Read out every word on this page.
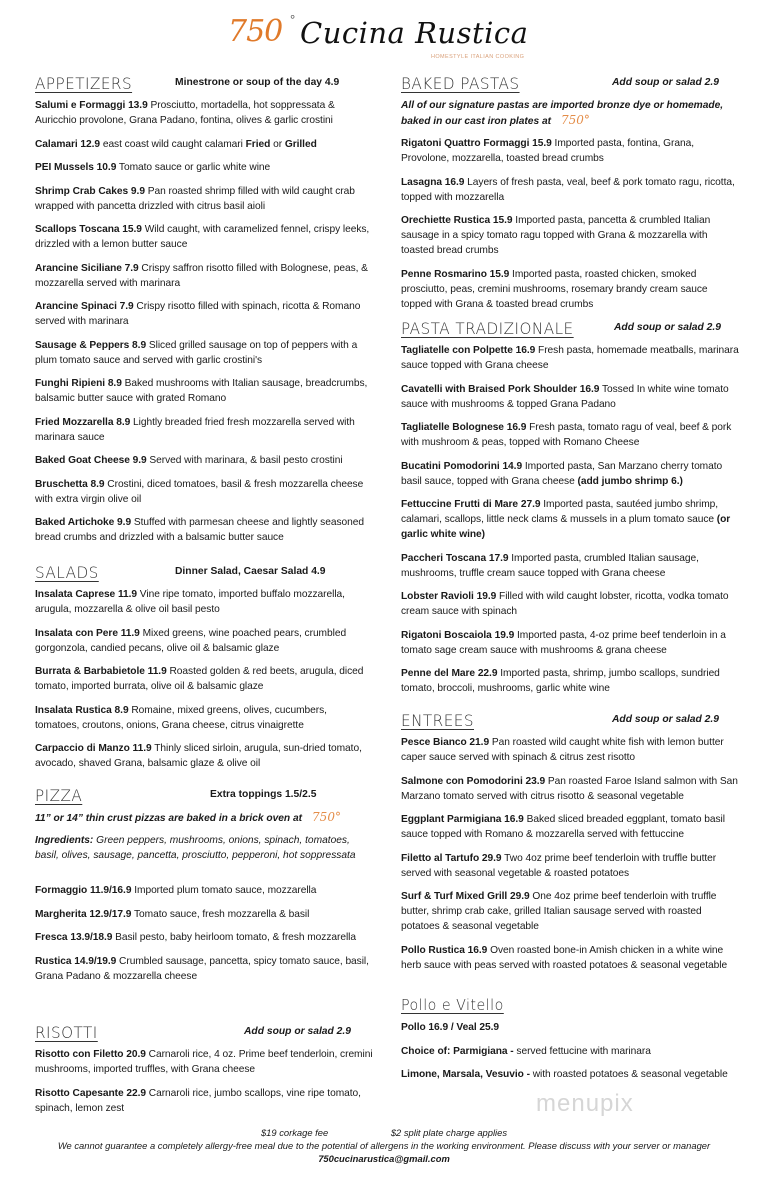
750 ° Cucina Rustica
HOMESTYLE ITALIAN COOKING
APPETIZERS	Minestrone or soup of the day 4.9
Salumi e Formaggi 13.9 Prosciutto, mortadella, hot soppressata & Auricchio provolone, Grana Padano, fontina, olives & garlic crostini
Calamari 12.9 east coast wild caught calamari Fried or Grilled
PEI Mussels 10.9 Tomato sauce or garlic white wine
Shrimp Crab Cakes 9.9 Pan roasted shrimp filled with wild caught crab wrapped with pancetta drizzled with citrus basil aioli
Scallops Toscana 15.9 Wild caught, with caramelized fennel, crispy leeks, drizzled with a lemon butter sauce
Arancine Siciliane 7.9 Crispy saffron risotto filled with Bolognese, peas, & mozzarella served with marinara
Arancine Spinaci 7.9 Crispy risotto filled with spinach, ricotta & Romano served with marinara
Sausage & Peppers 8.9 Sliced grilled sausage on top of peppers with a plum tomato sauce and served with garlic crostini's
Funghi Ripieni 8.9 Baked mushrooms with Italian sausage, breadcrumbs, balsamic butter sauce with grated Romano
Fried Mozzarella 8.9 Lightly breaded fried fresh mozzarella served with marinara sauce
Baked Goat Cheese 9.9 Served with marinara, & basil pesto crostini
Bruschetta 8.9 Crostini, diced tomatoes, basil & fresh mozzarella cheese with extra virgin olive oil
Baked Artichoke 9.9 Stuffed with parmesan cheese and lightly seasoned bread crumbs and drizzled with a balsamic butter sauce
SALADS	Dinner Salad, Caesar Salad 4.9
Insalata Caprese 11.9 Vine ripe tomato, imported buffalo mozzarella, arugula, mozzarella & olive oil basil pesto
Insalata con Pere 11.9 Mixed greens, wine poached pears, crumbled gorgonzola, candied pecans, olive oil & balsamic glaze
Burrata & Barbabietole 11.9 Roasted golden & red beets, arugula, diced tomato, imported burrata, olive oil & balsamic glaze
Insalata Rustica 8.9 Romaine, mixed greens, olives, cucumbers, tomatoes, croutons, onions, Grana cheese, citrus vinaigrette
Carpaccio di Manzo 11.9 Thinly sliced sirloin, arugula, sun-dried tomato, avocado, shaved Grana, balsamic glaze & olive oil
PIZZA	Extra toppings 1.5/2.5
11” or 14” thin crust pizzas are baked in a brick oven at 750°
Ingredients: Green peppers, mushrooms, onions, spinach, tomatoes, basil, olives, sausage, pancetta, prosciutto, pepperoni, hot soppressata
Formaggio 11.9/16.9 Imported plum tomato sauce, mozzarella
Margherita 12.9/17.9 Tomato sauce, fresh mozzarella & basil
Fresca 13.9/18.9 Basil pesto, baby heirloom tomato, & fresh mozzarella
Rustica 14.9/19.9 Crumbled sausage, pancetta, spicy tomato sauce, basil, Grana Padano & mozzarella cheese
RISOTTI	Add soup or salad 2.9
Risotto con Filetto 20.9 Carnaroli rice, 4 oz. Prime beef tenderloin, cremini mushrooms, imported truffles, with Grana cheese
Risotto Capesante 22.9 Carnaroli rice, jumbo scallops, vine ripe tomato, spinach, lemon zest
BAKED PASTAS	Add soup or salad 2.9
All of our signature pastas are imported bronze dye or homemade, baked in our cast iron plates at 750°
Rigatoni Quattro Formaggi 15.9 Imported pasta, fontina, Grana, Provolone, mozzarella, toasted bread crumbs
Lasagna 16.9 Layers of fresh pasta, veal, beef & pork tomato ragu, ricotta, topped with mozzarella
Orechiette Rustica 15.9 Imported pasta, pancetta & crumbled Italian sausage in a spicy tomato ragu topped with Grana & mozzarella with toasted bread crumbs
Penne Rosmarino 15.9 Imported pasta, roasted chicken, smoked prosciutto, peas, cremini mushrooms, rosemary brandy cream sauce topped with Grana & toasted bread crumbs
PASTA TRADIZIONALE	Add soup or salad 2.9
Tagliatelle con Polpette 16.9 Fresh pasta, homemade meatballs, marinara sauce topped with Grana cheese
Cavatelli with Braised Pork Shoulder 16.9 Tossed In white wine tomato sauce with mushrooms & topped Grana Padano
Tagliatelle Bolognese 16.9 Fresh pasta, tomato ragu of veal, beef & pork with mushroom & peas, topped with Romano Cheese
Bucatini Pomodorini 14.9 Imported pasta, San Marzano cherry tomato basil sauce, topped with Grana cheese (add jumbo shrimp 6.)
Fettuccine Frutti di Mare 27.9 Imported pasta, sautéed jumbo shrimp, calamari, scallops, little neck clams & mussels in a plum tomato sauce (or garlic white wine)
Paccheri Toscana 17.9 Imported pasta, crumbled Italian sausage, mushrooms, truffle cream sauce topped with Grana cheese
Lobster Ravioli 19.9 Filled with wild caught lobster, ricotta, vodka tomato cream sauce with spinach
Rigatoni Boscaiola 19.9 Imported pasta, 4-oz prime beef tenderloin in a tomato sage cream sauce with mushrooms & grana cheese
Penne del Mare 22.9 Imported pasta, shrimp, jumbo scallops, sundried tomato, broccoli, mushrooms, garlic white wine
ENTREES	Add soup or salad 2.9
Pesce Bianco 21.9 Pan roasted wild caught white fish with lemon butter caper sauce served with spinach & citrus zest risotto
Salmone con Pomodorini 23.9 Pan roasted Faroe Island salmon with San Marzano tomato served with citrus risotto & seasonal vegetable
Eggplant Parmigiana 16.9 Baked sliced breaded eggplant, tomato basil sauce topped with Romano & mozzarella served with fettuccine
Filetto al Tartufo 29.9 Two 4oz prime beef tenderloin with truffle butter served with seasonal vegetable & roasted potatoes
Surf & Turf Mixed Grill 29.9 One 4oz prime beef tenderloin with truffle butter, shrimp crab cake, grilled Italian sausage served with roasted potatoes & seasonal vegetable
Pollo Rustica 16.9 Oven roasted bone-in Amish chicken in a white wine herb sauce with peas served with roasted potatoes & seasonal vegetable
Pollo e Vitello
Pollo 16.9 / Veal 25.9
Choice of: Parmigiana - served fettucine with marinara
Limone, Marsala, Vesuvio - with roasted potatoes & seasonal vegetable
menupix
$19 corkage fee	$2 split plate charge applies
We cannot guarantee a completely allergy-free meal due to the potential of allergens in the working environment. Please discuss with your server or manager
750cucinarustica@gmail.com
